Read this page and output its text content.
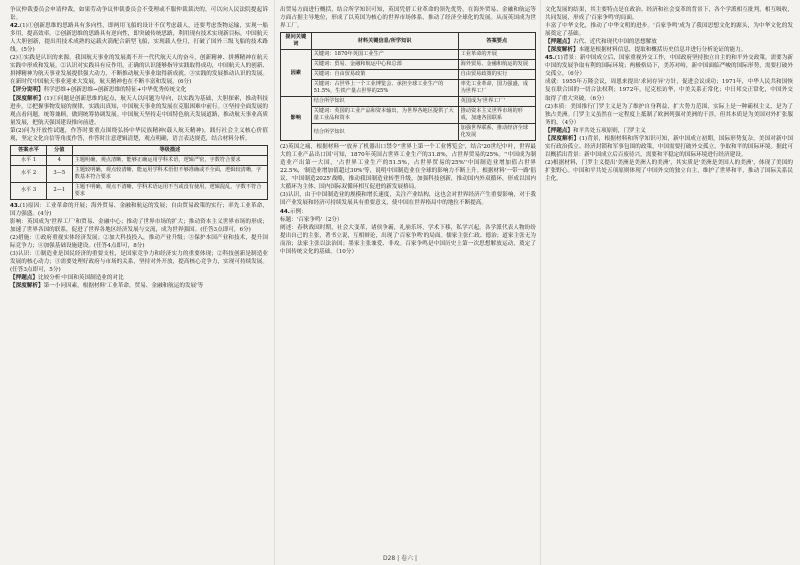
争议仲裁委员会申请仲裁，如果劳动争议仲裁委员会不受理或不服仲裁裁决的，可以向人民法院提起诉讼。

42.(1)①创新思维的思路具有多向性，即两用飞船的设计不仅考虑载人，还要考虑货物运输，实现一船多用，提高效率。②创新思维的思路具有逆向性，即突破传统思路，利用现有技术实现新目标，中国航天人大胆创新，提出用技术成熟的运载火箭配合新型飞船，实现载人登月，打破了国外三级飞船的技术路线。(5分)

(2)①实践是认识的来源。我国航天事业的发展离不开一代代航天人的奋斗，创新精神、拼搏精神在航天实践中形成和发展。②认识对实践具有反作用，正确的认识能够指导实践取得成功，中国航天人的创新、拼搏精神为航天事业发展提供强大动力，不断推动航天事业取得新成就。③实践的发展推动认识的发展。在新时代中国航天事业迎来大发展，航天精神也在不断丰富和发展。(6分)

【评分说明】科学思维+创新思维→创新思维的特征+中华优秀传统文化

【深度解析】(1)①问题是创新思维的起点，航天人以问题为导向，以实践为基础，大胆探索，推动科技进步。②把握事物发展的规律，实践出真知，中国航天事业的发展在克服困难中前行。③坚持全面发展的观点看问题，统筹兼顾，做到统筹协调发展。中国航天坚持走中国特色航天发展道路，推动航天事业高质量发展，把航天强国建设推向前进。

第(2)问为开放性试题，作答时要重点围绕弘扬中华民族精神(载人航天精神)，践行社会主义核心价值观，坚定文化自信等角度作答，作答时注意逻辑清楚，观点明确，语言表达规范，结合材料分析。

答案水平	分值	等级描述
水平 1	4	主题明确，观点清晰，能够正确运用学科术语，逻辑严密，字数符合要求
水平 2	3—5	主题较明确，观点较清晰，能运用学科术语但不够准确或不全面，逻辑较清晰，字数基本符合要求
水平 3	2—1	主题不明确，观点不清晰，学科术语运用不当或没有使用，逻辑混乱，字数不符合要求

43.(1)原因：工业革命的开展；海外贸易、金融和航运的发展；自由贸易政策的实行；率先工业革命，国力强盛。(4分)

影响：英国成为'世界工厂'和贸易、金融中心；推动了世界市场的扩大；推动资本主义世界市场的形成；加速了世界各国的联系，促进了世界各地区经济发展与交流，成为世界强国。(任答3点即可，6分)

(2)措施：①政府重视实体经济发展；②加大科技投入，推动产业升级；③保护本国产业和技术，提升国际竞争力；④加强基础设施建设。(任答4点即可，8分)

(3)认识：①制造业是国民经济的重要支柱，是国家竞争力和经济实力的重要体现；②科技创新是制造业发展的核心动力；③需要处理好政府与市场的关系，坚持对外开放，提高核心竞争力，实现可持续发展。(任答3点即可，5分)

【押题点】比较分析·中国和英国制造业的对比

【深度解析】第一小问因素，根据材料'工业革命，贸易、金融和航运的发展'等

出贸易方面进行概括，结合所学知识可知，英国凭借工业革命的领先优势，在海外贸易、金融和航运等方面占据主导地位，形成了以英国为核心的世界市场体系，推动了经济全球化的发展。从而英国成为世界工厂。

提问关键词	材料关键信息/所学知识	答案要点
因素	关键词：1870年英国工业生产	工业革命的开展
	关键词：贸易、金融和航运中心和总部	海外贸易、金融和航运的发展
	关键词：自由贸易政策	自由贸易政策的实行
	关键词：占世界上一个工业博览会、承担全球工业生产的51.5%，生铁产量占世界的25%	率先工业革命，国力强盛，成为世界工厂
影响	结合所学知识	英国成为'世界工厂'
	关键词：英国的工业产品和资本输出，为世界各地区提供了大量工业品和资本	推动资本主义世界市场的形成，加速各国联系
	结合所学知识	加强世界联系，推动经济全球化发展

(2)英国之痛，根据材料一'放弃了机器出口禁令''世界上第一个工业博览会'，结合'20世纪中叶，世界最大的工业产品出口国'可知，1870年英国占世界工业生产的31.8%，占世界贸易的25%。''中国成为制造业产出第一大国，'占世界工业生产的51.5%，占世界贸易的25%''中国制造业增加值占世界22.5%，'制造业增加值超过30%'等，说明中国制造业在全球的影响力不断上升。根据材料'一带一路'倡议、'中国制造2025'战略，推动我国制造业转型升级，加强科技创新，推动国内外双循环，形成以国内大循环为主体、国内国际双循环相互促进的新发展格局。

(3)认识，由于中国制造业的规模和增长速度，关注产业结构，这也会对世界经济产生重要影响，对于我国产业发展和经济可持续发展具有重要意义，使中国在世界格局中的地位不断提高。

44.示例：

标题：'百家争鸣'（2分）

阐述：春秋战国时期，社会大变革，诸侯争霸，礼崩乐坏，学术下移，私学兴起。各学派代表人物纷纷提出自己的主张，著书立说，互相辩论，出现了'百家争鸣'的局面。儒家主张仁政、德治；道家主张无为而治；法家主张以法治国；墨家主张兼爱、非攻。百家争鸣是中国历史上第一次思想解放运动，奠定了中国传统文化的基础。（10分）

文化发展的结果，其主要特点是在政治、经济和社会变革的背景下，各个学派相互批判，相互吸收，共同发展，形成了'百家争鸣'的局面。

丰富了中华文化，推动了中华文明的进步。'百家争鸣'成为了我国思想文化的源头，为中华文化的发展奠定了基础。

【押题点】古代、近代和现代中国的思想解放

【深度解析】本题是根据材料信息，提取和概括历史信息并进行分析论证的能力。

45.(1)背景：新中国成立后，国家重视外交工作，中国政府坚持独立自主的和平外交政策，需要为新中国的发展争取有利的国际环境；两极格局下，美苏对峙，新中国面临严峻的国际形势，需要打破外交孤立。（6分）

成就：1955年万隆会议，周恩来提出'求同存异'方针，促进会议成功；1971年，中华人民共和国恢复在联合国的一切合法权利；1972年，尼克松访华，中美关系正常化；中日邦交正常化，中国外交取得了重大突破。（6分）

(2)本质：美国推行门罗主义是为了维护自身利益，扩大势力范围，实际上是一种霸权主义，是为了独占美洲。门罗主义虽然在一定程度上抵制了欧洲列强对美洲的干涉，但其本质是为美国对外扩张服务的。（4分）

【押题点】和平共处五项原则，门罗主义

【深度解析】(1)背景，根据材料和所学知识可知，新中国成立初期，国际形势复杂，美国对新中国实行政治孤立、经济封锁和军事包围的政策，中国需要打破外交孤立，争取和平的国际环境。据此可以概括出背景：新中国成立后百废待兴，需要和平稳定的国际环境进行经济建设。

(2)根据材料，门罗主义提出'美洲是美洲人的美洲'，其实质是'美洲是美国人的美洲'，体现了美国的扩张野心。中国和平共处五项原则体现了中国外交的独立自主，维护了世界和平，推动了国际关系民主化。

D28 | 卷六 |
